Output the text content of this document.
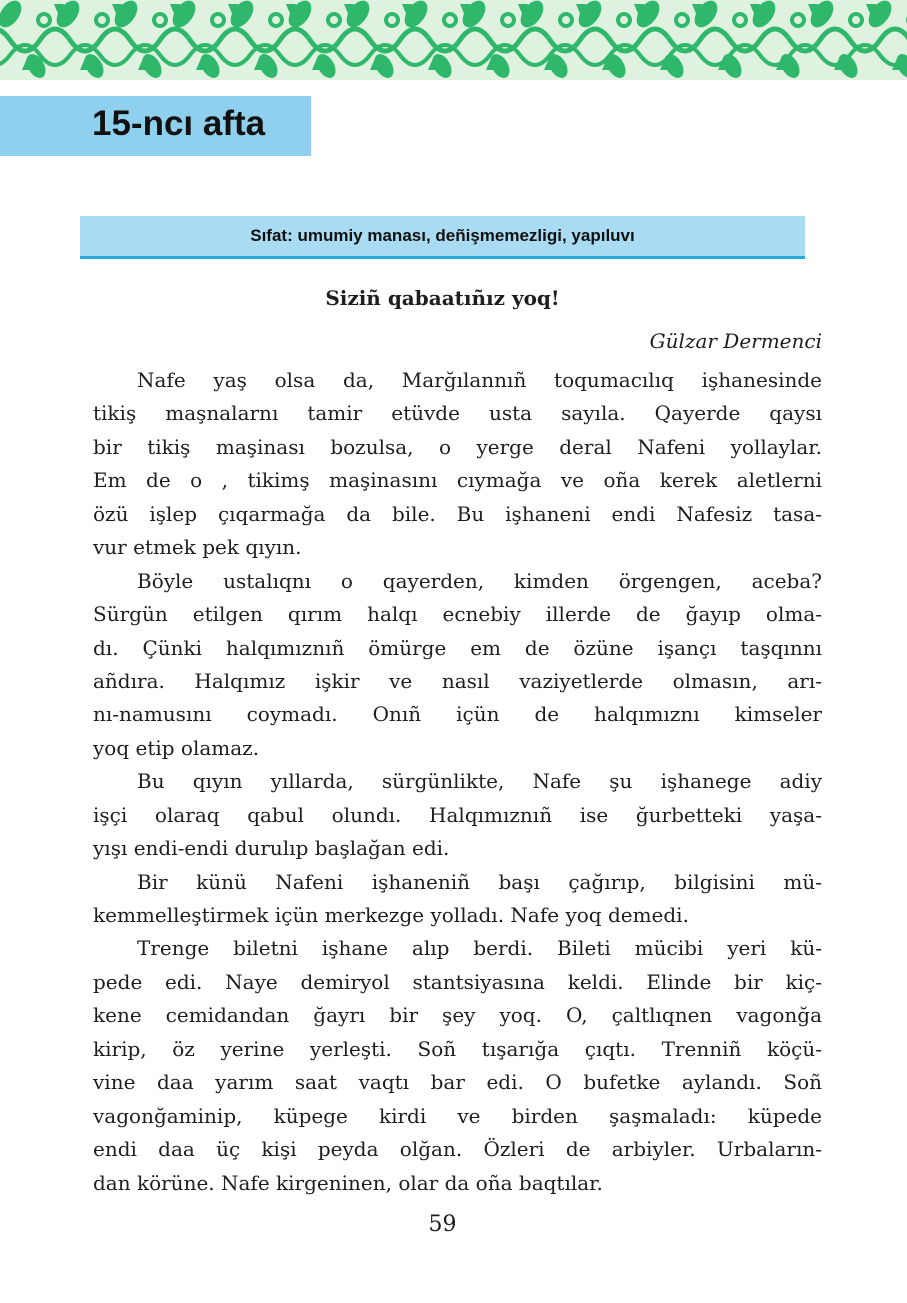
15-ncı afta
Sıfat: umumiy manası, deñişmemezligi, yapıluvı
Siziñ qabaatıñız yoq!
Gülzar Dermenci

Nafe yaş olsa da, Marğılannıñ toqumacılıq işhanesinde
tikiş maşnalarnı tamir etüvde usta sayıla. Qayerde qaysı
bir tikiş maşinası bozulsa, o yerge deral Nafeni yollaylar.
Em de o , tikimş maşinasını cıymağa ve oña kerek aletlerni
özü işlep çıqarmağa da bile. Bu işhaneni endi Nafesiz tasa-
vur etmek pek qıyın.

Böyle ustalıqnı o qayerden, kimden örgengen, aceba?
Sürgün etilgen qırım halqı ecnebiy illerde de ğayıp olma-
dı. Çünki halqımıznıñ ömürge em de özüne işançı taşqınnı
añdıra. Halqımız işkir ve nasıl vaziyetlerde olmasın, arı-
nı-namusını coymadı. Onıñ içün de halqımıznı kimseler
yoq etip olamaz.

Bu qıyın yıllarda, sürgünlikte, Nafe şu işhanege adiy
işçi olaraq qabul olundı. Halqımıznıñ ise ğurbetteki yaşa-
yışı endi-endi durulıp başlağan edi.

Bir künü Nafeni işhaneniñ başı çağırıp, bilgisini mü-
kemmelleştirmek içün merkezge yolladı. Nafe yoq demedi.

Trenge biletni işhane alıp berdi. Bileti mücibi yeri kü-
pede edi. Naye demiryol stantsiyasına keldi. Elinde bir kiç-
kene cemidandan ğayrı bir şey yoq. O, çaltlıqnen vagonğa
kirip, öz yerine yerleşti. Soñ tışarığa çıqtı. Trenniñ köçü-
vine daa yarım saat vaqtı bar edi. O bufetke aylandı. Soñ
vagonğaminip, küpege kirdi ve birden şaşmaladı: küpede
endi daa üç kişi peyda olğan. Özleri de arbiyler. Urbaların-
dan körüne. Nafe kirgeninen, olar da oña baqtılar.

59
